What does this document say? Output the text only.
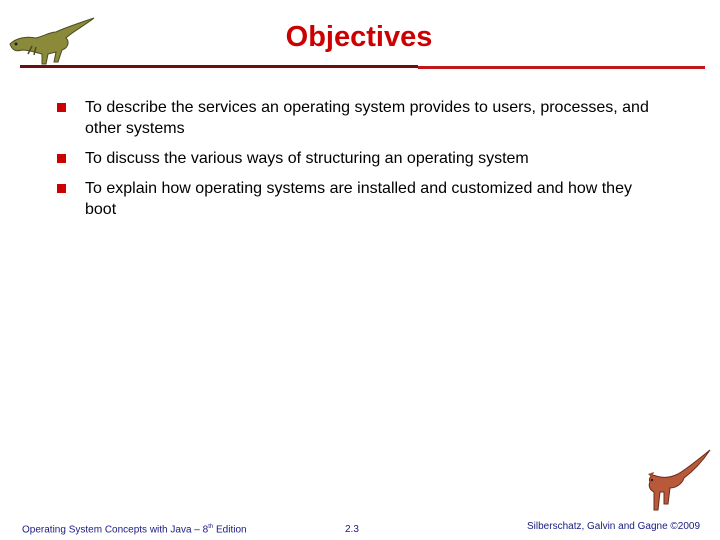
Objectives
To describe the services an operating system provides to users, processes, and other systems
To discuss the various ways of structuring an operating system
To explain how operating systems are installed and customized and how they boot
Operating System Concepts with Java – 8th Edition	2.3	Silberschatz, Galvin and Gagne ©2009
